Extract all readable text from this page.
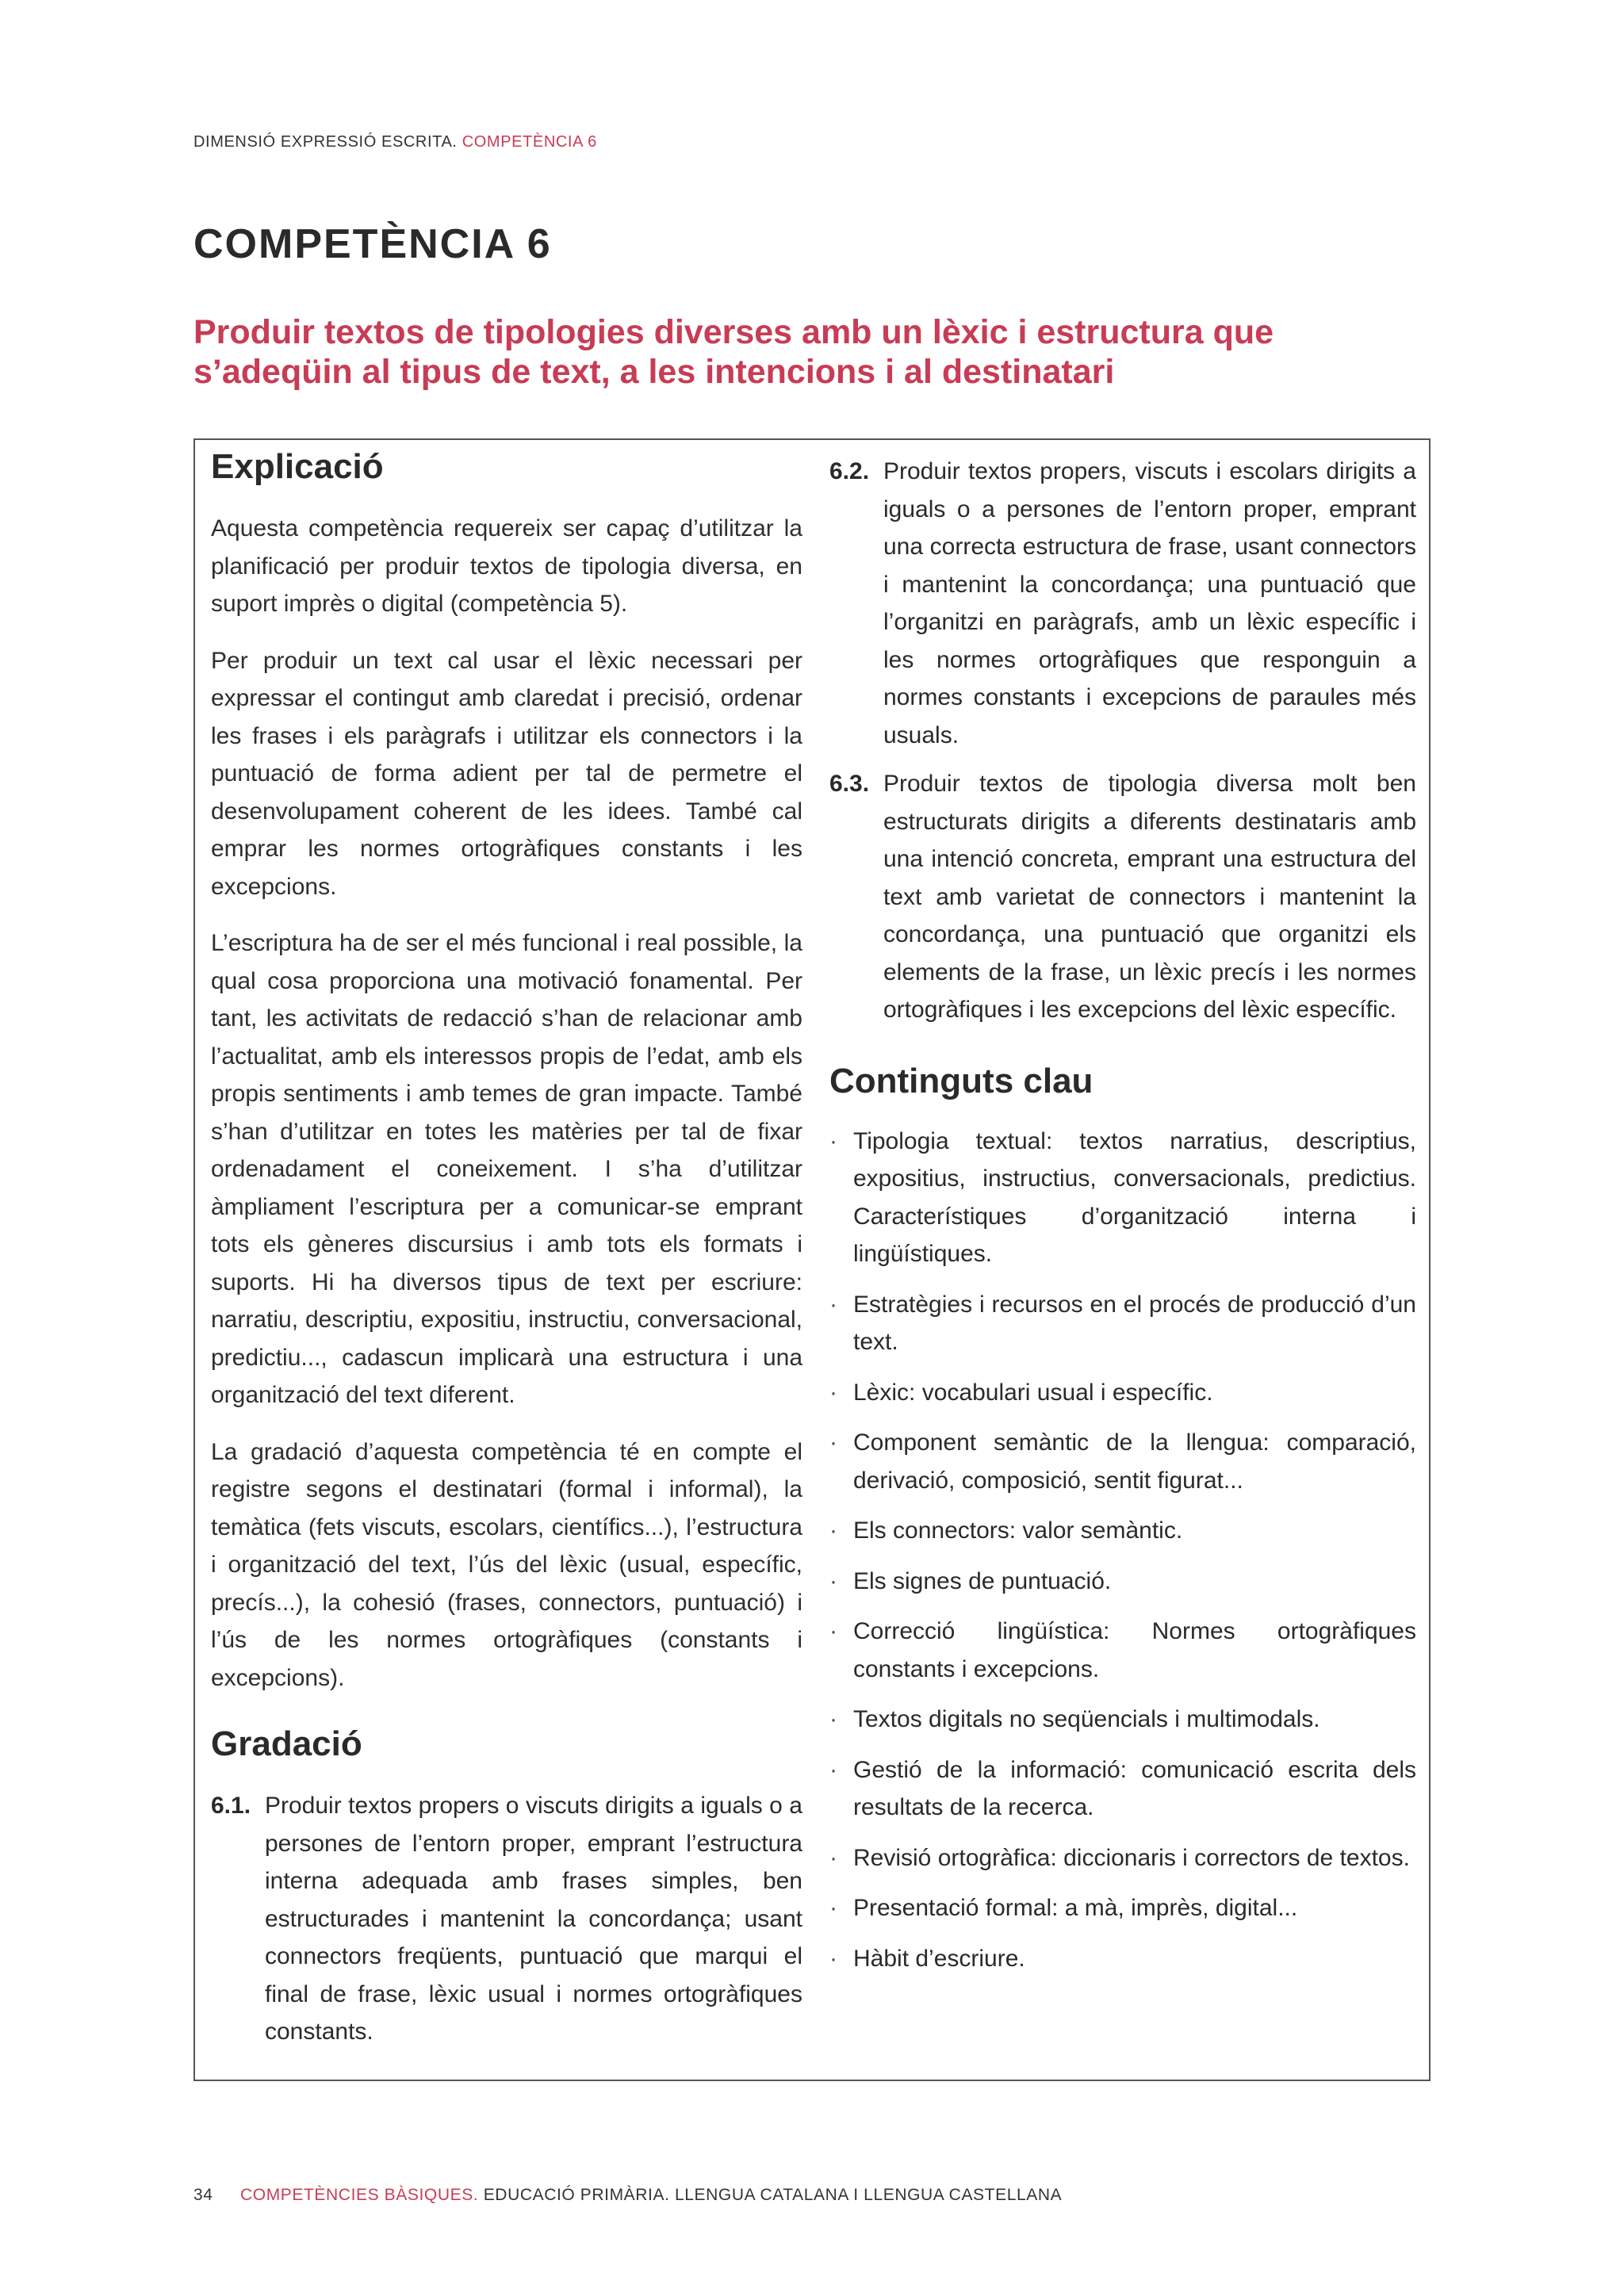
DIMENSIÓ EXPRESSIÓ ESCRITA. COMPETÈNCIA 6
COMPETÈNCIA 6
Produir textos de tipologies diverses amb un lèxic i estructura que s’adeqüin al tipus de text, a les intencions i al destinatari
Explicació

Aquesta competència requereix ser capaç d’utilitzar la planificació per produir textos de tipologia diversa, en suport imprès o digital (competència 5).

Per produir un text cal usar el lèxic necessari per expressar el contingut amb claredat i precisió, ordenar les frases i els paràgrafs i utilitzar els connectors i la puntuació de forma adient per tal de permetre el desenvolupament coherent de les idees. També cal emprar les normes ortogràfiques constants i les excepcions.

L’escriptura ha de ser el més funcional i real possible, la qual cosa proporciona una motivació fonamental. Per tant, les activitats de redacció s’han de relacionar amb l’actualitat, amb els interessos propis de l’edat, amb els propis sentiments i amb temes de gran impacte. També s’han d’utilitzar en totes les matèries per tal de fixar ordenadament el coneixement. I s’ha d’utilitzar àmpliament l’escriptura per a comunicar-se emprant tots els gèneres discursius i amb tots els formats i suports. Hi ha diversos tipus de text per escriure: narratiu, descriptiu, expositiu, instructiu, conversacional, predictiu..., cadascun implicarà una estructura i una organització del text diferent.

La gradació d’aquesta competència té en compte el registre segons el destinatari (formal i informal), la temàtica (fets viscuts, escolars, científics...), l’estructura i organització del text, l’ús del lèxic (usual, específic, precís...), la cohesió (frases, connectors, puntuació) i l’ús de les normes ortogràfiques (constants i excepcions).

Gradació
6.1. Produir textos propers o viscuts dirigits a iguals o a persones de l’entorn proper, emprant l’estructura interna adequada amb frases simples, ben estructurades i mantenint la concordança; usant connectors freqüents, puntuació que marqui el final de frase, lèxic usual i normes ortogràfiques constants.
6.2. Produir textos propers, viscuts i escolars dirigits a iguals o a persones de l’entorn proper, emprant una correcta estructura de frase, usant connectors i mantenint la concordança; una puntuació que l’organitzi en paràgrafs, amb un lèxic específic i les normes ortogràfiques que responguin a normes constants i excepcions de paraules més usuals.
6.3. Produir textos de tipologia diversa molt ben estructurats dirigits a diferents destinataris amb una intenció concreta, emprant una estructura del text amb varietat de connectors i mantenint la concordança, una puntuació que organitzi els elements de la frase, un lèxic precís i les normes ortogràfiques i les excepcions del lèxic específic.
Continguts clau
· Tipologia textual: textos narratius, descriptius, expositius, instructius, conversacionals, predictius. Característiques d’organització interna i lingüístiques.
· Estratègies i recursos en el procés de producció d’un text.
· Lèxic: vocabulari usual i específic.
· Component semàntic de la llengua: comparació, derivació, composició, sentit figurat...
· Els connectors: valor semàntic.
· Els signes de puntuació.
· Correcció lingüística: Normes ortogràfiques constants i excepcions.
· Textos digitals no seqüencials i multimodals.
· Gestió de la informació: comunicació escrita dels resultats de la recerca.
· Revisió ortogràfica: diccionaris i correctors de textos.
· Presentació formal: a mà, imprès, digital...
· Hàbit d’escriure.
34 COMPETÈNCIES BÀSIQUES. EDUCACIÓ PRIMÀRIA. LLENGUA CATALANA I LLENGUA CASTELLANA
